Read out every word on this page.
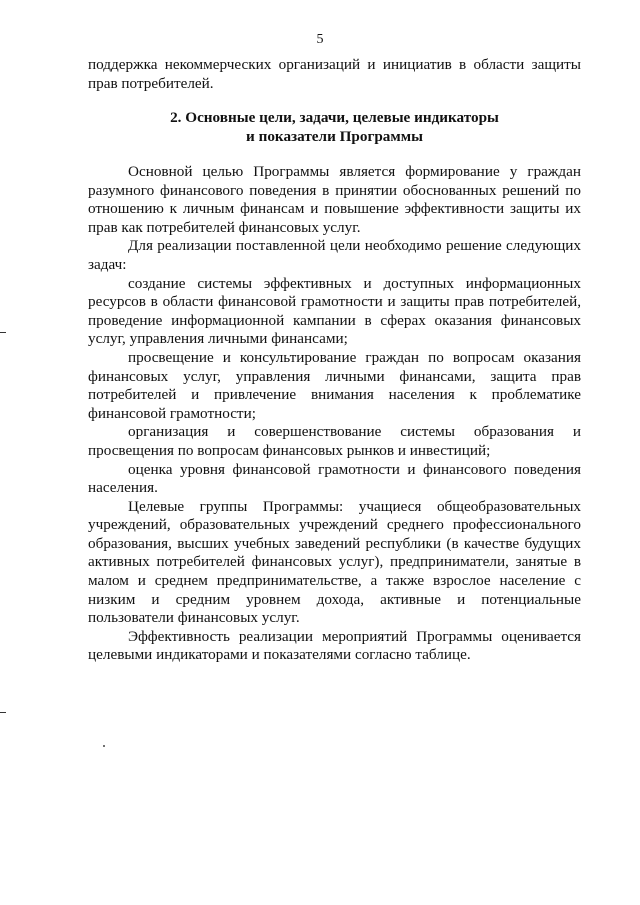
5

поддержка некоммерческих организаций и инициатив в области защиты прав потребителей.

2. Основные цели, задачи, целевые индикаторы
и показатели Программы

Основной целью Программы является формирование у граждан разумного финансового поведения в принятии обоснованных решений по отношению к личным финансам и повышение эффективности защиты их прав как потребителей финансовых услуг.

Для реализации поставленной цели необходимо решение следующих задач:

создание системы эффективных и доступных информационных ресурсов в области финансовой грамотности и защиты прав потребителей, проведение информационной кампании в сферах оказания финансовых услуг, управления личными финансами;

просвещение и консультирование граждан по вопросам оказания финансовых услуг, управления личными финансами, защита прав потребителей и привлечение внимания населения к проблематике финансовой грамотности;

организация и совершенствование системы образования и просвещения по вопросам финансовых рынков и инвестиций;

оценка уровня финансовой грамотности и финансового поведения населения.

Целевые группы Программы: учащиеся общеобразовательных учреждений, образовательных учреждений среднего профессионального образования, высших учебных заведений республики (в качестве будущих активных потребителей финансовых услуг), предприниматели, занятые в малом и среднем предпринимательстве, а также взрослое население с низким и средним уровнем дохода, активные и потенциальные пользователи финансовых услуг.

Эффективность реализации мероприятий Программы оценивается целевыми индикаторами и показателями согласно таблице.
